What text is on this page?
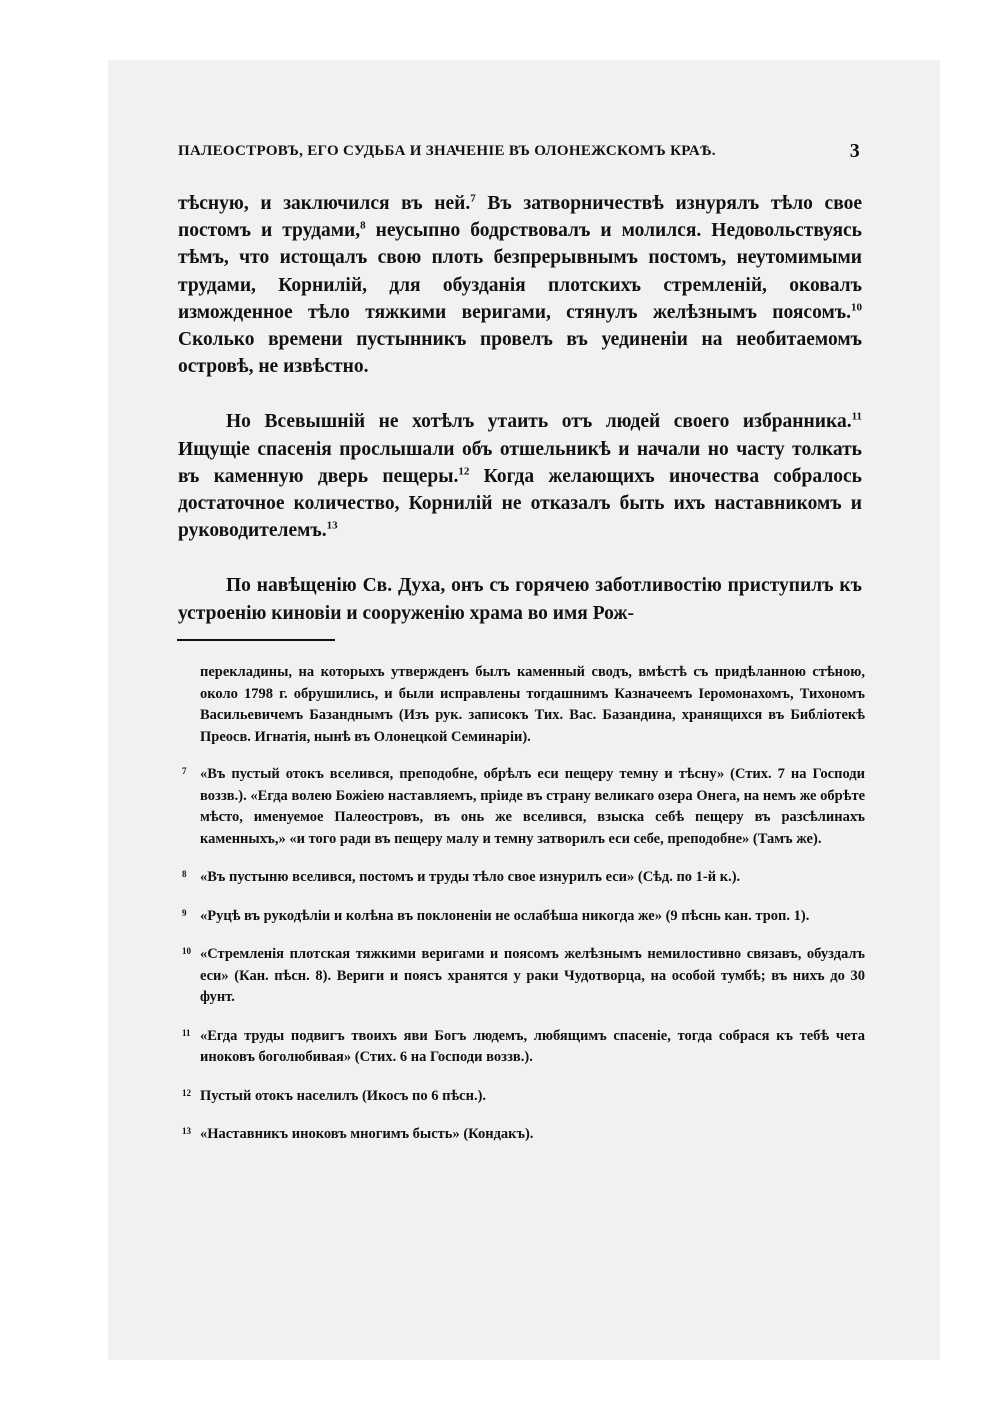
ПАЛЕОСТРОВЪ, ЕГО СУДЬБА И ЗНАЧЕНІЕ ВЪ ОЛОНЕЖСКОМЪ КРАѢ.	3

тѣсную, и заключился въ ней.$^7$ Въ затворничествѣ изнурялъ тѣло свое постомъ и трудами,$^8$ неусыпно бодрствовалъ и молился. Недовольствуясь тѣмъ, что истощалъ свою плоть безпрерывнымъ постомъ, неутомимыми трудами, Корнилій, для обузданія плотскихъ стремленій, оковалъ изможденное тѣло тяжкими веригами, стянулъ желѣзнымъ поясомъ.$^{10}$ Сколько времени пустынникъ провелъ въ уединеніи на необитаемомъ островѣ, не извѣстно.

Но Всевышній не хотѣлъ утаить отъ людей своего избранника.$^{11}$ Ищущіе спасенія прослышали объ отшельникѣ и начали но часту толкать въ каменную дверь пещеры.$^{12}$ Когда желающихъ иночества собралось достаточное количество, Корнилій не отказалъ быть ихъ наставникомъ и руководителемъ.$^{13}$

По навѣщенію Св. Духа, онъ съ горячею заботливостію приступилъ къ устроенію киновіи и сооруженію храма во имя Рож-

перекладины, на которыхъ утвержденъ былъ каменный сводъ, вмѣстѣ съ придѣланною стѣною, около 1798 г. обрушились, и были исправлены тогдашнимъ Казначеемъ Іеромонахомъ, Тихономъ Васильевичемъ Базанднымъ (Изъ рук. записокъ Тих. Вас. Базандина, хранящихся въ Библіотекѣ Преосв. Игнатія, нынѣ въ Олонецкой Семинаріи).

7 «Въ пустый отокъ вселився, преподобне, обрѣлъ еси пещеру темну и тѣсну» (Стих. 7 на Господи воззв.). «Егда волею Божіею наставляемъ, пріиде въ страну великаго озера Онега, на немъ же обрѣте мѣсто, именуемое Палеостровъ, въ онь же вселився, взыска себѣ пещеру въ разсѣлинахъ каменныхъ,» «и того ради въ пещеру малу и темну затворилъ еси себе, преподобне» (Тамъ же).
8 «Въ пустыню вселився, постомъ и труды тѣло свое изнурилъ еси» (Сѣд. по 1-й к.).
9 «Руцѣ въ рукодѣліи и колѣна въ поклоненіи не ослабѣша никогда же» (9 пѣснь кан. троп. 1).
10 «Стремленія плотская тяжкими веригами и поясомъ желѣзнымъ немилостивно связавъ, обуздалъ еси» (Кан. пѣсн. 8). Вериги и поясъ хранятся у раки Чудотворца, на особой тумбѣ; въ нихъ до 30 фунт.
11 «Егда труды подвигъ твоихъ яви Богъ людемъ, любящимъ спасеніе, тогда собрася къ тебѣ чета иноковъ боголюбивая» (Стих. 6 на Господи воззв.).
12 Пустый отокъ населилъ (Икосъ по 6 пѣсн.).
13 «Наставникъ иноковъ многимъ бысть» (Кондакъ).
